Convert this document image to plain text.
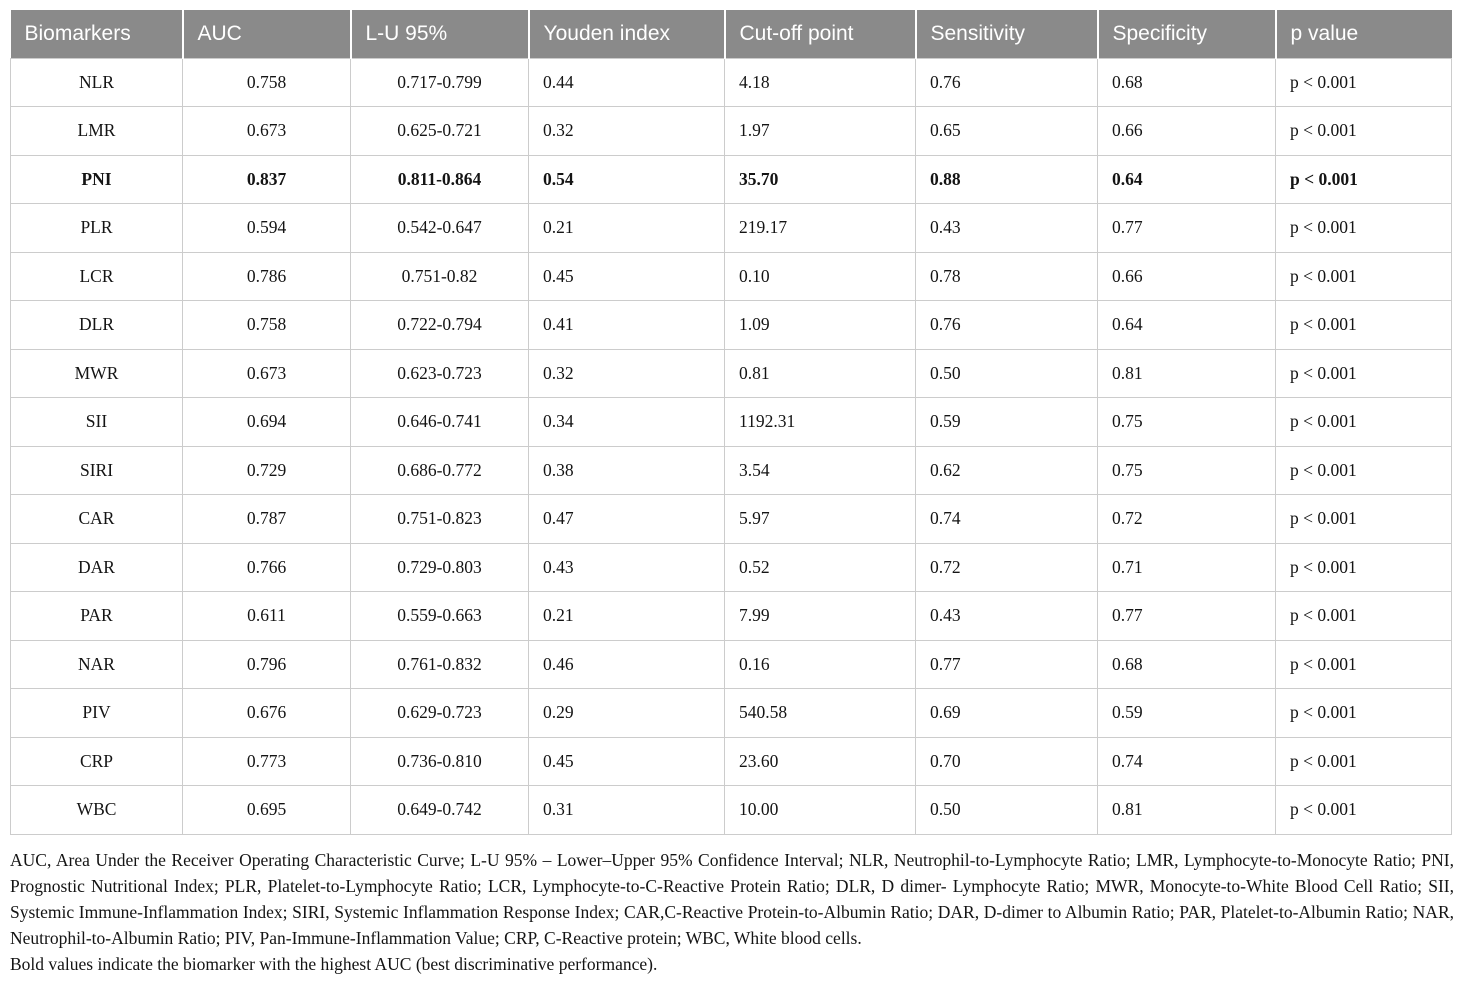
Biomarkers	AUC	L-U 95%	Youden index	Cut-off point	Sensitivity	Specificity	p value
NLR	0.758	0.717-0.799	0.44	4.18	0.76	0.68	p < 0.001
LMR	0.673	0.625-0.721	0.32	1.97	0.65	0.66	p < 0.001
PNI	0.837	0.811-0.864	0.54	35.70	0.88	0.64	p < 0.001
PLR	0.594	0.542-0.647	0.21	219.17	0.43	0.77	p < 0.001
LCR	0.786	0.751-0.82	0.45	0.10	0.78	0.66	p < 0.001
DLR	0.758	0.722-0.794	0.41	1.09	0.76	0.64	p < 0.001
MWR	0.673	0.623-0.723	0.32	0.81	0.50	0.81	p < 0.001
SII	0.694	0.646-0.741	0.34	1192.31	0.59	0.75	p < 0.001
SIRI	0.729	0.686-0.772	0.38	3.54	0.62	0.75	p < 0.001
CAR	0.787	0.751-0.823	0.47	5.97	0.74	0.72	p < 0.001
DAR	0.766	0.729-0.803	0.43	0.52	0.72	0.71	p < 0.001
PAR	0.611	0.559-0.663	0.21	7.99	0.43	0.77	p < 0.001
NAR	0.796	0.761-0.832	0.46	0.16	0.77	0.68	p < 0.001
PIV	0.676	0.629-0.723	0.29	540.58	0.69	0.59	p < 0.001
CRP	0.773	0.736-0.810	0.45	23.60	0.70	0.74	p < 0.001
WBC	0.695	0.649-0.742	0.31	10.00	0.50	0.81	p < 0.001

AUC, Area Under the Receiver Operating Characteristic Curve; L-U 95% – Lower–Upper 95% Confidence Interval; NLR, Neutrophil-to-Lymphocyte Ratio; LMR, Lymphocyte-to-Monocyte Ratio; PNI, Prognostic Nutritional Index; PLR, Platelet-to-Lymphocyte Ratio; LCR, Lymphocyte-to-C-Reactive Protein Ratio; DLR, D dimer- Lymphocyte Ratio; MWR, Monocyte-to-White Blood Cell Ratio; SII, Systemic Immune-Inflammation Index; SIRI, Systemic Inflammation Response Index; CAR,C-Reactive Protein-to-Albumin Ratio; DAR, D-dimer to Albumin Ratio; PAR, Platelet-to-Albumin Ratio; NAR, Neutrophil-to-Albumin Ratio; PIV, Pan-Immune-Inflammation Value; CRP, C-Reactive protein; WBC, White blood cells.

Bold values indicate the biomarker with the highest AUC (best discriminative performance).
